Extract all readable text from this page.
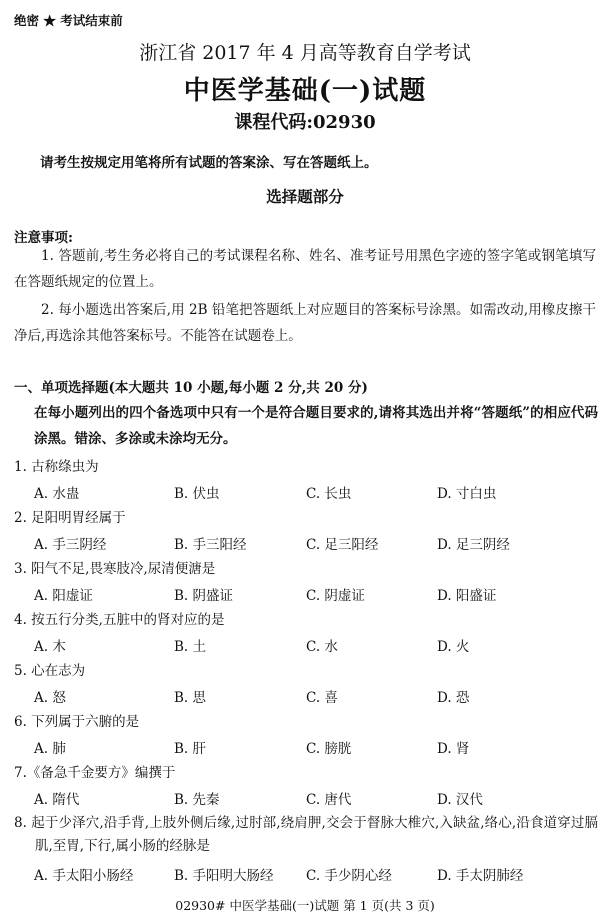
绝密 ★ 考试结束前
浙江省 2017 年 4 月高等教育自学考试
中医学基础(一)试题
课程代码:02930
请考生按规定用笔将所有试题的答案涂、写在答题纸上。
选择题部分
注意事项:
1. 答题前,考生务必将自己的考试课程名称、姓名、准考证号用黑色字迹的签字笔或钢笔填写在答题纸规定的位置上。
2. 每小题选出答案后,用 2B 铅笔把答题纸上对应题目的答案标号涂黑。如需改动,用橡皮擦干净后,再选涂其他答案标号。不能答在试题卷上。
一、单项选择题(本大题共 10 小题,每小题 2 分,共 20 分)
在每小题列出的四个备选项中只有一个是符合题目要求的,请将其选出并将“答题纸”的相应代码涂黑。错涂、多涂或未涂均无分。
1. 古称绦虫为
A. 水蛊	B. 伏虫	C. 长虫	D. 寸白虫
2. 足阳明胃经属于
A. 手三阴经	B. 手三阳经	C. 足三阳经	D. 足三阴经
3. 阳气不足,畏寒肢冷,尿清便溏是
A. 阳虚证	B. 阴盛证	C. 阴虚证	D. 阳盛证
4. 按五行分类,五脏中的肾对应的是
A. 木	B. 土	C. 水	D. 火
5. 心在志为
A. 怒	B. 思	C. 喜	D. 恐
6. 下列属于六腑的是
A. 肺	B. 肝	C. 膀胱	D. 肾
7.《备急千金要方》编撰于
A. 隋代	B. 先秦	C. 唐代	D. 汉代
8. 起于少泽穴,沿手背,上肢外侧后缘,过肘部,绕肩胛,交会于督脉大椎穴,入缺盆,络心,沿食道穿过膈肌,至胃,下行,属小肠的经脉是
A. 手太阳小肠经	B. 手阳明大肠经 C. 手少阴心经	D. 手太阴肺经
02930# 中医学基础(一)试题 第 1 页(共 3 页)
